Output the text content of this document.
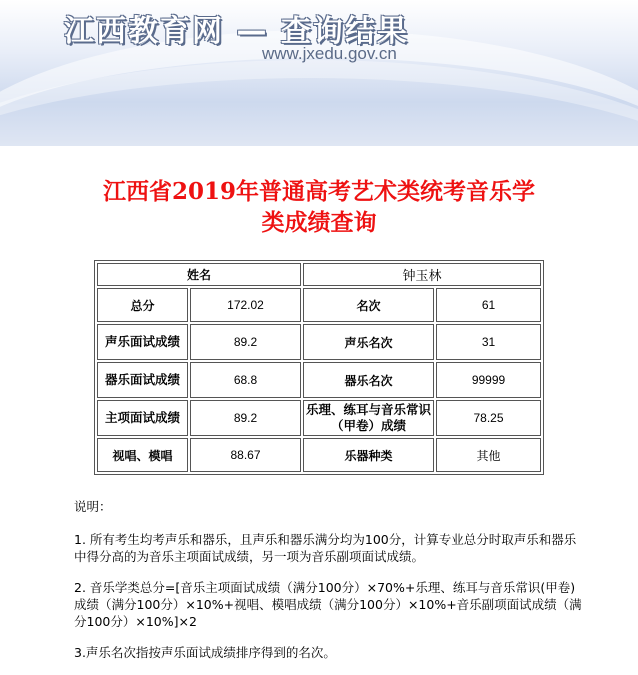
江西教育网 — 查询结果
www.jxedu.gov.cn
江西省2019年普通高考艺术类统考音乐学
类成绩查询
姓名		钟玉林	
总分	172.02	名次	61
声乐面试成绩	89.2	声乐名次	31
器乐面试成绩	68.8	器乐名次	99999
主项面试成绩	89.2	乐理、练耳与音乐常识（甲卷）成绩	78.25
视唱、模唱	88.67	乐器种类	其他

说明：

1. 所有考生均考声乐和器乐，且声乐和器乐满分均为100分，计算专业总分时取声乐和器乐中得分高的为音乐主项面试成绩，另一项为音乐副项面试成绩。

2. 音乐学类总分=[音乐主项面试成绩（满分100分）×70%+乐理、练耳与音乐常识(甲卷)成绩（满分100分）×10%+视唱、模唱成绩（满分100分）×10%+音乐副项面试成绩（满分100分）×10%]×2

3.声乐名次指按声乐面试成绩排序得到的名次。
